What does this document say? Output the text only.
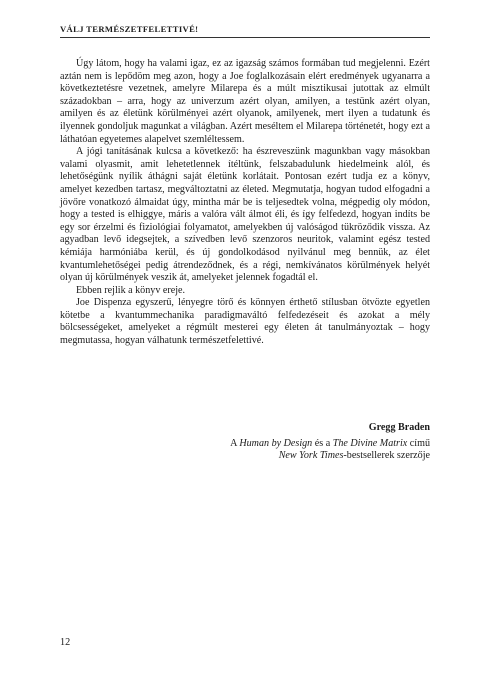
VÁLJ TERMÉSZETFELETTIVÉ!

Úgy látom, hogy ha valami igaz, ez az igazság számos formában tud megjelenni. Ezért aztán nem is lepődöm meg azon, hogy a Joe foglalkozásain elért eredmények ugyanarra a következtetésre vezetnek, amelyre Milarepa és a múlt misztikusai jutottak az elmúlt századokban – arra, hogy az univerzum azért olyan, amilyen, a testünk azért olyan, amilyen és az életünk körülményei azért olyanok, amilyenek, mert ilyen a tudatunk és ilyennek gondoljuk magunkat a világban. Azért meséltem el Milarepa történetét, hogy ezt a láthatóan egyetemes alapelvet szemléltessem.

A jógi tanításának kulcsa a következő: ha észreveszünk magunkban vagy másokban valami olyasmit, amit lehetetlennek ítéltünk, felszabadulunk hiedelmeink alól, és lehetőségünk nyílik áthágni saját életünk korlátait. Pontosan ezért tudja ez a könyv, amelyet kezedben tartasz, megváltoztatni az életed. Megmutatja, hogyan tudod elfogadni a jövőre vonatkozó álmaidat úgy, mintha már be is teljesedtek volna, mégpedig oly módon, hogy a tested is elhiggye, máris a valóra vált álmot éli, és így felfedezd, hogyan indíts be egy sor érzelmi és fiziológiai folyamatot, amelyekben új valóságod tükröződik vissza. Az agyadban levő idegsejtek, a szívedben levő szenzoros neuritok, valamint egész tested kémiája harmóniába kerül, és új gondolkodásod nyilvánul meg bennük, az élet kvantumlehetőségei pedig átrendeződnek, és a régi, nemkívánatos körülmények helyét olyan új körülmények veszik át, amelyeket jelennek fogadtál el.

Ebben rejlik a könyv ereje.

Joe Dispenza egyszerű, lényegre törő és könnyen érthető stílusban ötvözte egyetlen kötetbe a kvantummechanika paradigmaváltó felfedezéseit és azokat a mély bölcsességeket, amelyeket a régmúlt mesterei egy életen át tanulmányoztak – hogy megmutassa, hogyan válhatunk természetfelettivé.

Gregg Braden
A Human by Design és a The Divine Matrix című
New York Times-bestsellerek szerzője
12
